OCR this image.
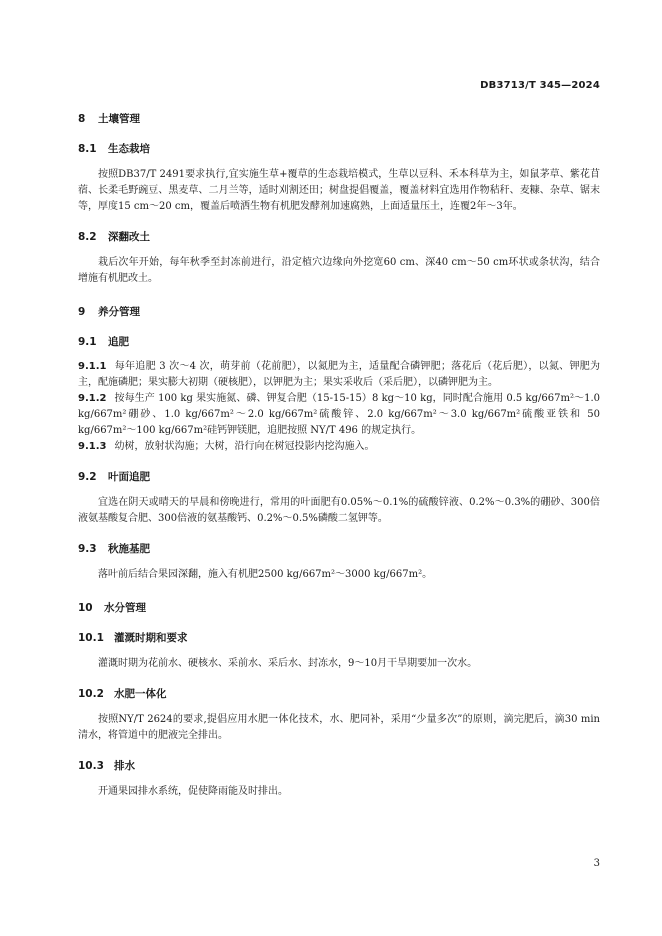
DB3713/T 345—2024

8 土壤管理

8.1 生态栽培

按照DB37/T 2491要求执行,宜实施生草+覆草的生态栽培模式，生草以豆科、禾本科草为主，如鼠茅草、紫花苜蓿、长柔毛野豌豆、黑麦草、二月兰等，适时刈割还田；树盘提倡覆盖，覆盖材料宜选用作物秸秆、麦糠、杂草、锯末等，厚度15 cm～20 cm，覆盖后喷洒生物有机肥发酵剂加速腐熟，上面适量压土，连覆2年～3年。

8.2 深翻改土

栽后次年开始，每年秋季至封冻前进行，沿定植穴边缘向外挖宽60 cm、深40 cm～50 cm环状或条状沟，结合增施有机肥改土。

9 养分管理

9.1 追肥

9.1.1 每年追肥 3 次～4 次，萌芽前（花前肥），以氮肥为主，适量配合磷钾肥；落花后（花后肥），以氮、钾肥为主，配施磷肥；果实膨大初期（硬核肥），以钾肥为主；果实采收后（采后肥），以磷钾肥为主。

9.1.2 按每生产 100 kg 果实施氮、磷、钾复合肥（15-15-15）8 kg～10 kg，同时配合施用 0.5 kg/667m²～1.0 kg/667m²硼砂、1.0 kg/667m²～2.0 kg/667m²硫酸锌、2.0 kg/667m²～3.0 kg/667m²硫酸亚铁和 50 kg/667m²～100 kg/667m²硅钙钾镁肥，追肥按照 NY/T 496 的规定执行。

9.1.3 幼树，放射状沟施；大树，沿行向在树冠投影内挖沟施入。

9.2 叶面追肥

宜选在阴天或晴天的早晨和傍晚进行，常用的叶面肥有0.05%～0.1%的硫酸锌液、0.2%～0.3%的硼砂、300倍液氨基酸复合肥、300倍液的氨基酸钙、0.2%～0.5%磷酸二氢钾等。

9.3 秋施基肥

落叶前后结合果园深翻，施入有机肥2500 kg/667m²～3000 kg/667m²。

10 水分管理

10.1 灌溉时期和要求

灌溉时期为花前水、硬核水、采前水、采后水、封冻水，9～10月干旱期要加一次水。

10.2 水肥一体化

按照NY/T 2624的要求,提倡应用水肥一体化技术，水、肥同补，采用“少量多次”的原则，滴完肥后，滴30 min清水，将管道中的肥液完全排出。

10.3 排水

开通果园排水系统，促使降雨能及时排出。

3
